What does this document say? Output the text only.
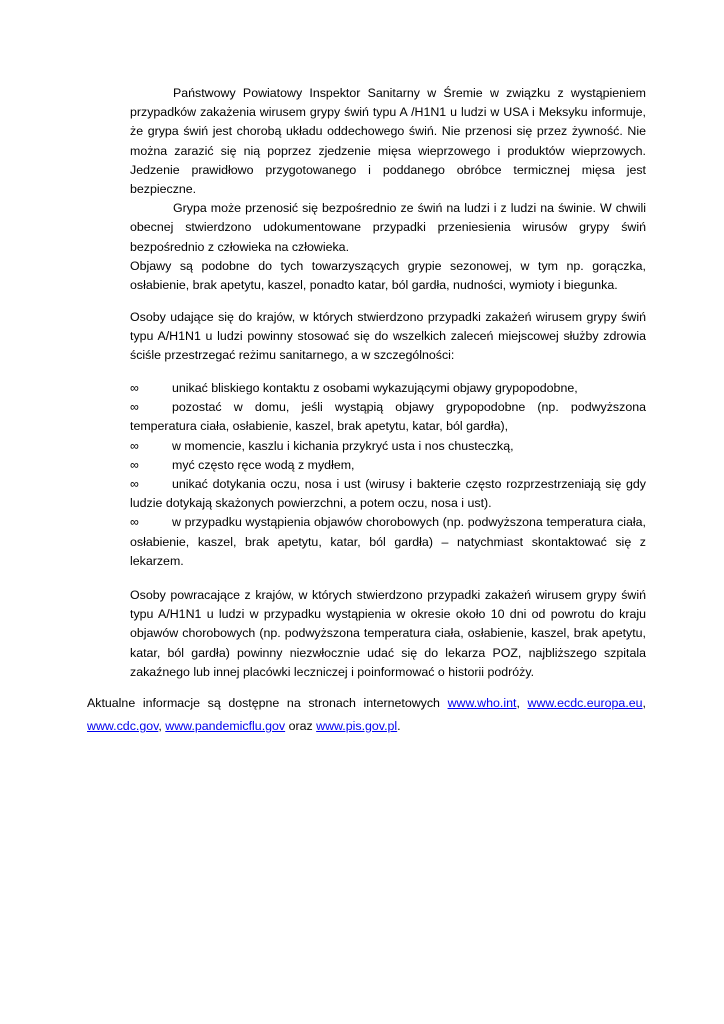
Państwowy Powiatowy Inspektor Sanitarny w Śremie w związku z wystąpieniem przypadków zakażenia wirusem grypy świń typu A /H1N1 u ludzi w USA i Meksyku informuje, że grypa świń jest chorobą układu oddechowego świń. Nie przenosi się przez żywność. Nie można zarazić się nią poprzez zjedzenie mięsa wieprzowego i produktów wieprzowych. Jedzenie prawidłowo przygotowanego i poddanego obróbce termicznej mięsa jest bezpieczne.

Grypa może przenosić się bezpośrednio ze świń na ludzi i z ludzi na świnie. W chwili obecnej stwierdzono udokumentowane przypadki przeniesienia wirusów grypy świń bezpośrednio z człowieka na człowieka.

Objawy są podobne do tych towarzyszących grypie sezonowej, w tym np. gorączka, osłabienie, brak apetytu, kaszel, ponadto katar, ból gardła, nudności, wymioty i biegunka.

Osoby udające się do krajów, w których stwierdzono przypadki zakażeń wirusem grypy świń typu A/H1N1 u ludzi powinny stosować się do wszelkich zaleceń miejscowej służby zdrowia ściśle przestrzegać reżimu sanitarnego, a w szczególności:

∞	unikać bliskiego kontaktu z osobami wykazującymi objawy grypopodobne,

∞	pozostać w domu, jeśli wystąpią objawy grypopodobne (np. podwyższona temperatura ciała, osłabienie, kaszel, brak apetytu, katar, ból gardła),

∞	w momencie, kaszlu i kichania przykryć usta i nos chusteczką,

∞	myć często ręce wodą z mydłem,

∞	unikać dotykania oczu, nosa i ust (wirusy i bakterie często rozprzestrzeniają się gdy ludzie dotykają skażonych powierzchni, a potem oczu, nosa i ust).

∞	w przypadku wystąpienia objawów chorobowych (np. podwyższona temperatura ciała, osłabienie, kaszel, brak apetytu, katar, ból gardła) – natychmiast skontaktować się z lekarzem.

Osoby powracające z krajów, w których stwierdzono przypadki zakażeń wirusem grypy świń typu A/H1N1 u ludzi w przypadku wystąpienia w okresie około 10 dni od powrotu do kraju objawów chorobowych (np. podwyższona temperatura ciała, osłabienie, kaszel, brak apetytu, katar, ból gardła) powinny niezwłocznie udać się do lekarza POZ, najbliższego szpitala zakaźnego lub innej placówki leczniczej i poinformować o historii podróży.

Aktualne informacje są dostępne na stronach internetowych www.who.int, www.ecdc.europa.eu, www.cdc.gov, www.pandemicflu.gov oraz www.pis.gov.pl.
